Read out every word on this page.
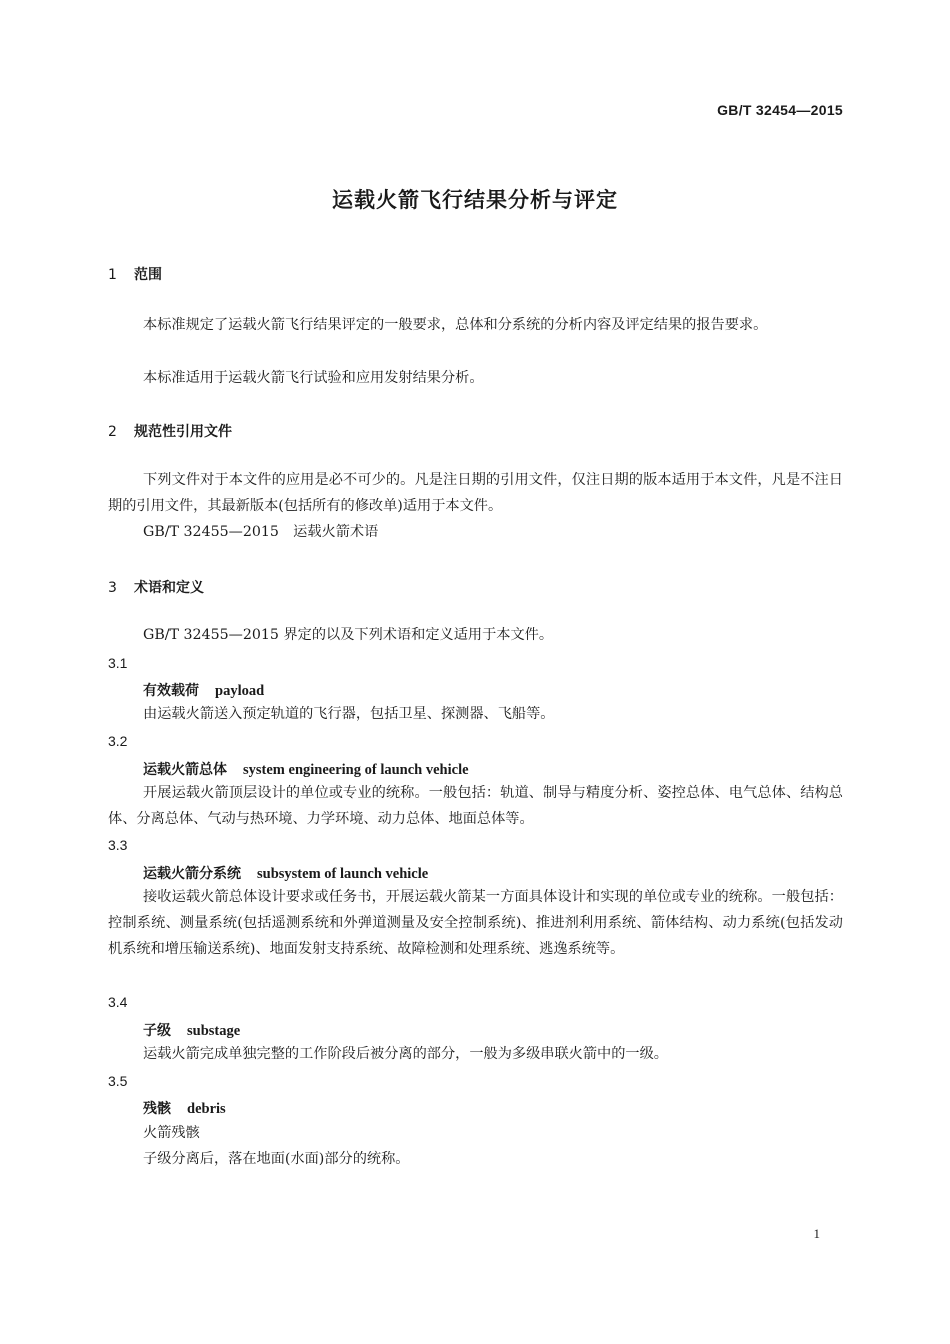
GB/T 32454—2015
运载火箭飞行结果分析与评定
1 范围
本标准规定了运载火箭飞行结果评定的一般要求，总体和分系统的分析内容及评定结果的报告要求。
本标准适用于运载火箭飞行试验和应用发射结果分析。
2 规范性引用文件
下列文件对于本文件的应用是必不可少的。凡是注日期的引用文件，仅注日期的版本适用于本文件，凡是不注日期的引用文件，其最新版本(包括所有的修改单)适用于本文件。
GB/T 32455—2015　运载火箭术语
3 术语和定义
GB/T 32455—2015 界定的以及下列术语和定义适用于本文件。
3.1
有效载荷 payload
由运载火箭送入预定轨道的飞行器，包括卫星、探测器、飞船等。
3.2
运载火箭总体 system engineering of launch vehicle
开展运载火箭顶层设计的单位或专业的统称。一般包括：轨道、制导与精度分析、姿控总体、电气总体、结构总体、分离总体、气动与热环境、力学环境、动力总体、地面总体等。
3.3
运载火箭分系统 subsystem of launch vehicle
接收运载火箭总体设计要求或任务书，开展运载火箭某一方面具体设计和实现的单位或专业的统称。一般包括：控制系统、测量系统(包括遥测系统和外弹道测量及安全控制系统)、推进剂利用系统、箭体结构、动力系统(包括发动机系统和增压输送系统)、地面发射支持系统、故障检测和处理系统、逃逸系统等。
3.4
子级 substage
运载火箭完成单独完整的工作阶段后被分离的部分，一般为多级串联火箭中的一级。
3.5
残骸 debris
火箭残骸
子级分离后，落在地面(水面)部分的统称。
1
